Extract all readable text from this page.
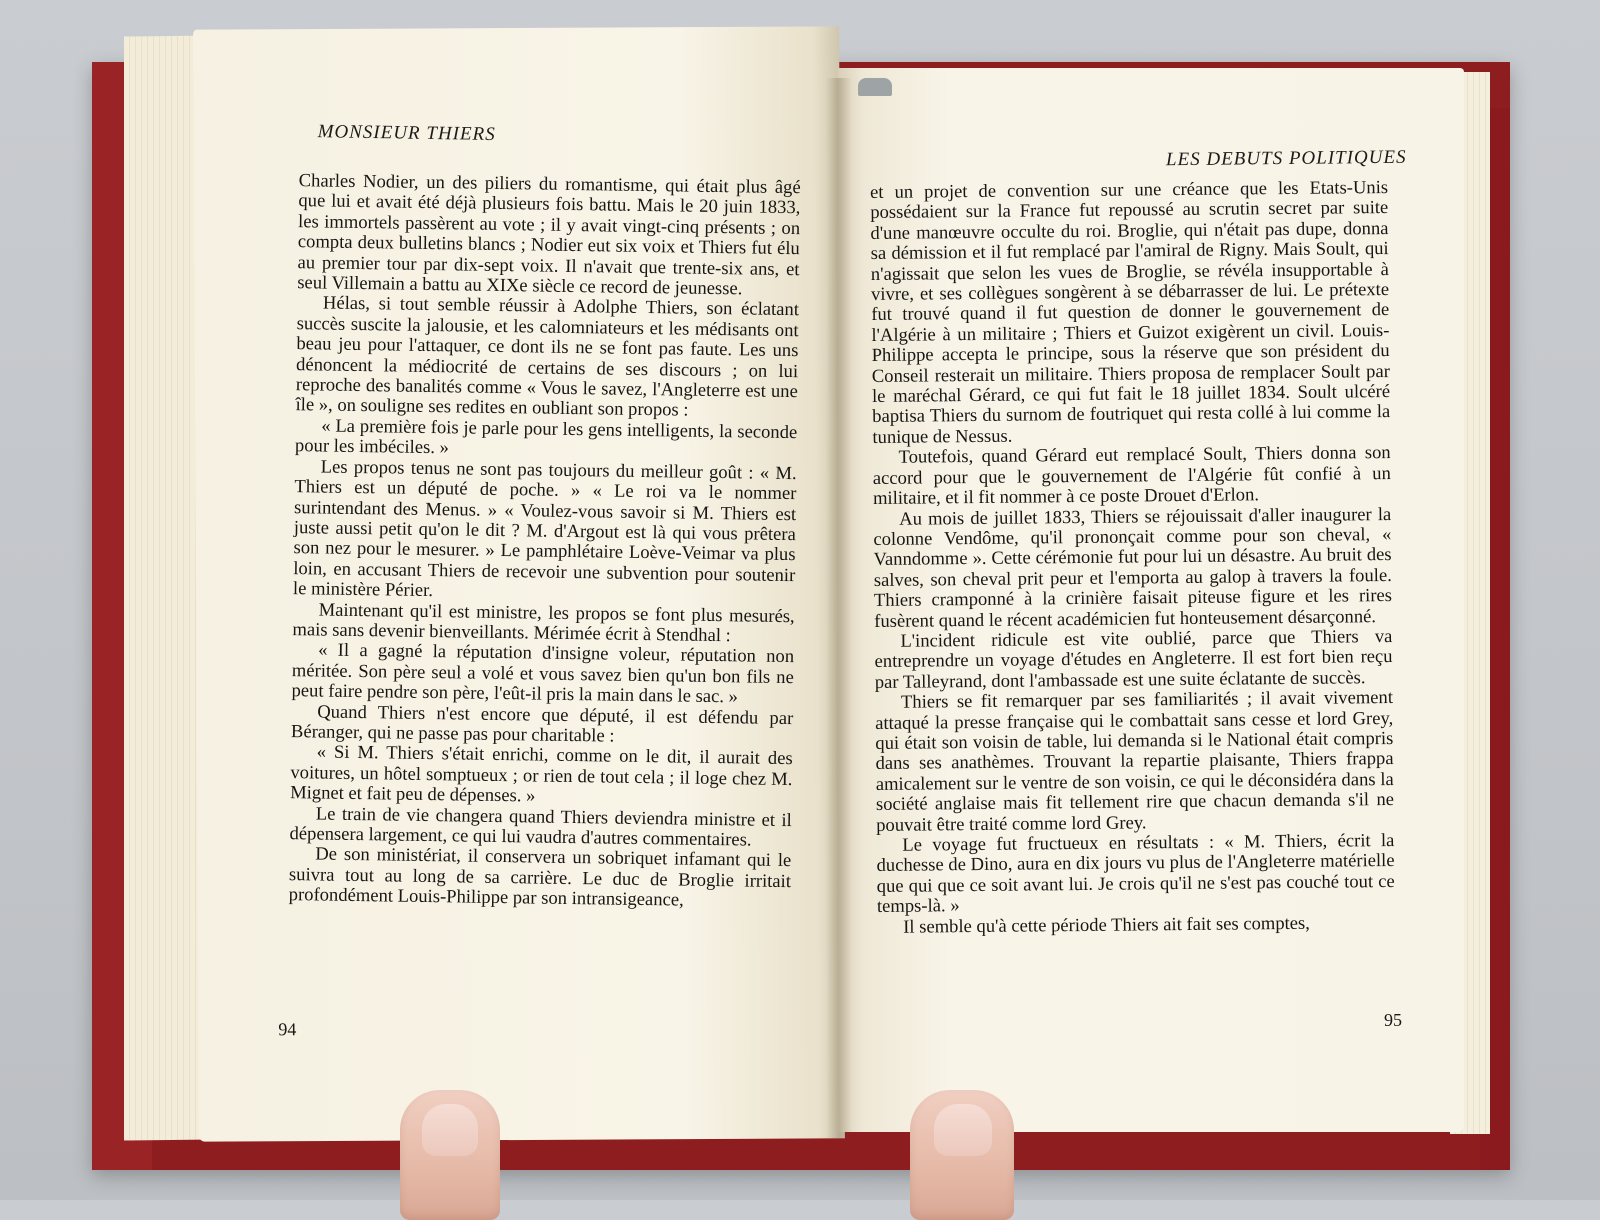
MONSIEUR THIERS

Charles Nodier, un des piliers du romantisme, qui était plus âgé que lui et avait été déjà plusieurs fois battu. Mais le 20 juin 1833, les immortels passèrent au vote ; il y avait vingt-cinq présents ; on compta deux bulletins blancs ; Nodier eut six voix et Thiers fut élu au premier tour par dix-sept voix. Il n'avait que trente-six ans, et seul Villemain a battu au XIXe siècle ce record de jeunesse.

Hélas, si tout semble réussir à Adolphe Thiers, son éclatant succès suscite la jalousie, et les calomniateurs et les médisants ont beau jeu pour l'attaquer, ce dont ils ne se font pas faute. Les uns dénoncent la médiocrité de certains de ses discours ; on lui reproche des banalités comme « Vous le savez, l'Angleterre est une île », on souligne ses redites en oubliant son propos :

« La première fois je parle pour les gens intelligents, la seconde pour les imbéciles. »

Les propos tenus ne sont pas toujours du meilleur goût : « M. Thiers est un député de poche. » « Le roi va le nommer surintendant des Menus. » « Voulez-vous savoir si M. Thiers est juste aussi petit qu'on le dit ? M. d'Argout est là qui vous prêtera son nez pour le mesurer. » Le pamphlétaire Loève-Veimar va plus loin, en accusant Thiers de recevoir une subvention pour soutenir le ministère Périer.

Maintenant qu'il est ministre, les propos se font plus mesurés, mais sans devenir bienveillants. Mérimée écrit à Stendhal :

« Il a gagné la réputation d'insigne voleur, réputation non méritée. Son père seul a volé et vous savez bien qu'un bon fils ne peut faire pendre son père, l'eût-il pris la main dans le sac. »

Quand Thiers n'est encore que député, il est défendu par Béranger, qui ne passe pas pour charitable :

« Si M. Thiers s'était enrichi, comme on le dit, il aurait des voitures, un hôtel somptueux ; or rien de tout cela ; il loge chez M. Mignet et fait peu de dépenses. »

Le train de vie changera quand Thiers deviendra ministre et il dépensera largement, ce qui lui vaudra d'autres commentaires.

De son ministériat, il conservera un sobriquet infamant qui le suivra tout au long de sa carrière. Le duc de Broglie irritait profondément Louis-Philippe par son intransigeance,

94
LES DEBUTS POLITIQUES

et un projet de convention sur une créance que les Etats-Unis possédaient sur la France fut repoussé au scrutin secret par suite d'une manœuvre occulte du roi. Broglie, qui n'était pas dupe, donna sa démission et il fut remplacé par l'amiral de Rigny. Mais Soult, qui n'agissait que selon les vues de Broglie, se révéla insupportable à vivre, et ses collègues songèrent à se débarrasser de lui. Le prétexte fut trouvé quand il fut question de donner le gouvernement de l'Algérie à un militaire ; Thiers et Guizot exigèrent un civil. Louis-Philippe accepta le principe, sous la réserve que son président du Conseil resterait un militaire. Thiers proposa de remplacer Soult par le maréchal Gérard, ce qui fut fait le 18 juillet 1834. Soult ulcéré baptisa Thiers du surnom de foutriquet qui resta collé à lui comme la tunique de Nessus.

Toutefois, quand Gérard eut remplacé Soult, Thiers donna son accord pour que le gouvernement de l'Algérie fût confié à un militaire, et il fit nommer à ce poste Drouet d'Erlon.

Au mois de juillet 1833, Thiers se réjouissait d'aller inaugurer la colonne Vendôme, qu'il prononçait comme pour son cheval, « Vanndomme ». Cette cérémonie fut pour lui un désastre. Au bruit des salves, son cheval prit peur et l'emporta au galop à travers la foule. Thiers cramponné à la crinière faisait piteuse figure et les rires fusèrent quand le récent académicien fut honteusement désarçonné.

L'incident ridicule est vite oublié, parce que Thiers va entreprendre un voyage d'études en Angleterre. Il est fort bien reçu par Talleyrand, dont l'ambassade est une suite éclatante de succès.

Thiers se fit remarquer par ses familiarités ; il avait vivement attaqué la presse française qui le combattait sans cesse et lord Grey, qui était son voisin de table, lui demanda si le National était compris dans ses anathèmes. Trouvant la repartie plaisante, Thiers frappa amicalement sur le ventre de son voisin, ce qui le déconsidéra dans la société anglaise mais fit tellement rire que chacun demanda s'il ne pouvait être traité comme lord Grey.

Le voyage fut fructueux en résultats : « M. Thiers, écrit la duchesse de Dino, aura en dix jours vu plus de l'Angleterre matérielle que qui que ce soit avant lui. Je crois qu'il ne s'est pas couché tout ce temps-là. »

Il semble qu'à cette période Thiers ait fait ses comptes,

95
